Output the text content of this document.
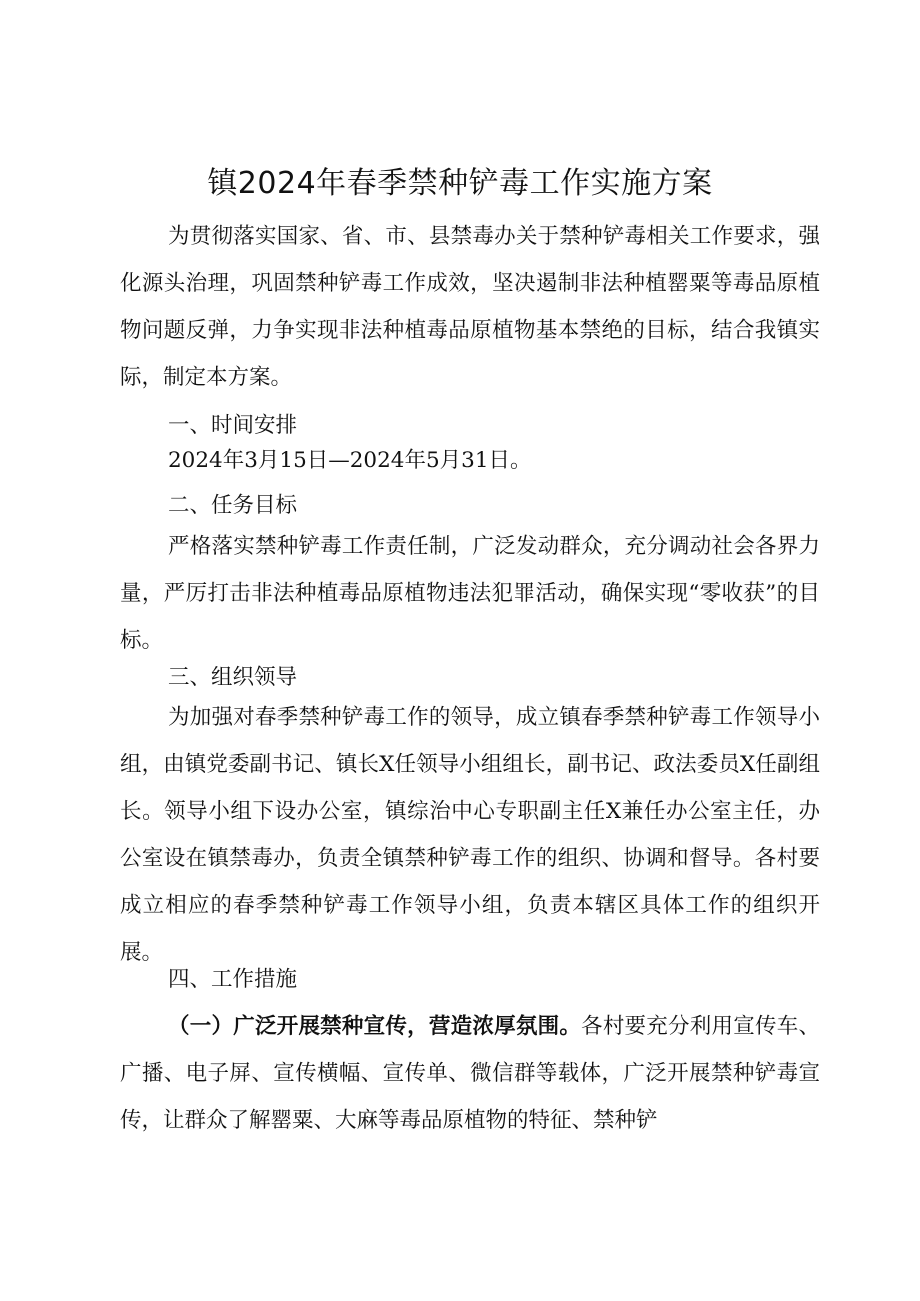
镇2024年春季禁种铲毒工作实施方案

为贯彻落实国家、省、市、县禁毒办关于禁种铲毒相关工作要求，强化源头治理，巩固禁种铲毒工作成效，坚决遏制非法种植罂粟等毒品原植物问题反弹，力争实现非法种植毒品原植物基本禁绝的目标，结合我镇实际，制定本方案。

一、时间安排

2024年3月15日—2024年5月31日。

二、任务目标

严格落实禁种铲毒工作责任制，广泛发动群众，充分调动社会各界力量，严厉打击非法种植毒品原植物违法犯罪活动，确保实现“零收获”的目标。

三、组织领导

为加强对春季禁种铲毒工作的领导，成立镇春季禁种铲毒工作领导小组，由镇党委副书记、镇长X任领导小组组长，副书记、政法委员X任副组长。领导小组下设办公室，镇综治中心专职副主任X兼任办公室主任，办公室设在镇禁毒办，负责全镇禁种铲毒工作的组织、协调和督导。各村要成立相应的春季禁种铲毒工作领导小组，负责本辖区具体工作的组织开展。

四、工作措施

（一）广泛开展禁种宣传，营造浓厚氛围。各村要充分利用宣传车、广播、电子屏、宣传横幅、宣传单、微信群等载体，广泛开展禁种铲毒宣传，让群众了解罂粟、大麻等毒品原植物的特征、禁种铲
